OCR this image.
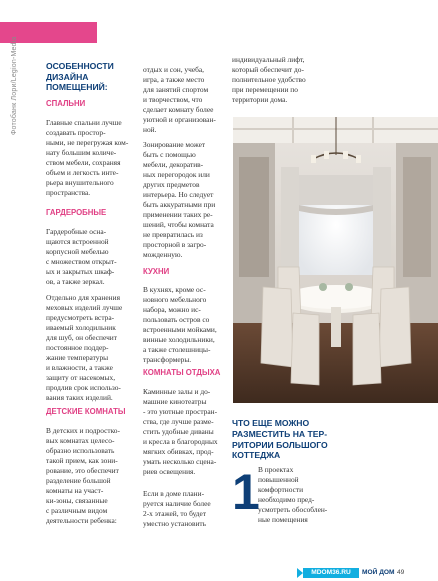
Фотобанк Лори/Legion-Media	ОСОБЕННОСТИ
ДИЗАЙНА
ПОМЕЩЕНИЙ:
СПАЛЬНИ
Главные спальни лучше
создавать простор-
ными, не перегружая ком-
нату большим количе-
ством мебели, сохраняя
объем и легкость инте-
рьера внушительного
пространства.
ГАРДЕРОБНЫЕ
Гардеробные осна-
щаются встроенной
корпусной мебелью
с множеством открыт-
ых и закрытых шкаф-
ов, а также зеркал.
Отдельно для хранения
меховых изделий лучше
предусмотреть встра-
иваемый холодильник
для шуб, он обеспечит
постоянное поддер-
жание температуры
и влажности, а также
защиту от насекомых,
продлив срок использо-
вания таких изделий.
ДЕТСКИЕ КОМНАТЫ
В детских и подростко-
вых комнатах целесо-
образно использовать
такой прием, как зони-
рование, это обеспечит
разделение большой
комнаты на участ-
ки-зоны, связанные
с различным видом
деятельности ребенка:
отдых и сон, учеба,
игра, а также место
для занятий спортом
и творчеством, что
сделает комнату более
уютной и организован-
ной.
Зонирование может
быть с помощью
мебели, декоратив-
ных перегородок или
других предметов
интерьера. Но следует
быть аккуратными при
применении таких ре-
шений, чтобы комната
не превратилась из
просторной в загро-
можденную.
КУХНИ
В кухнях, кроме ос-
новного мебельного
набора, можно ис-
пользовать остров со
встроенными мойками,
винные холодильники,
а также столешницы-
трансформеры.
КОМНАТЫ ОТДЫХА
Каминные залы и до-
машние кинотеатры
- это уютные простран-
ства, где лучше разме-
стить удобные диваны
и кресла в благородных
мягких обивках, прод-
умать несколько сцена-
риев освещения.
Если в доме плани-
руется наличие более
2-х этажей, то будет
уместно установить
индивидуальный лифт,
который обеспечит до-
полнительное удобство
при перемещении по
территории дома.
ЧТО ЕЩЕ МОЖНО
РАЗМЕСТИТЬ НА ТЕР-
РИТОРИИ БОЛЬШОГО
КОТТЕДЖА
1
В проектах
повышенной
комфортности
необходимо пред-
усмотреть обособлен-
ные помещения
MDOM36.RU	МОЙ ДОМ 49
